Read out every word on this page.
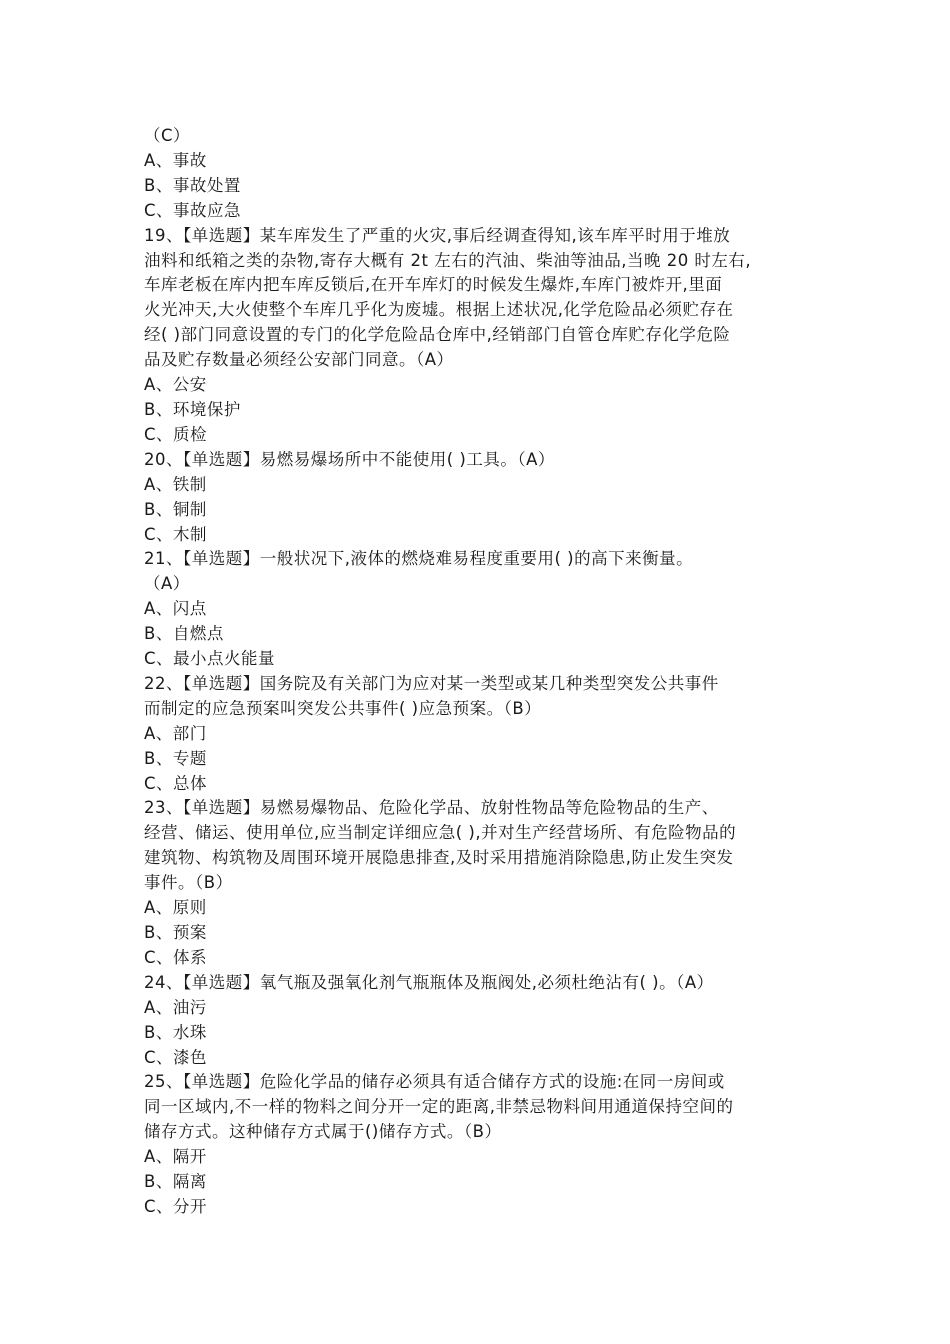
（C）
A、事故
B、事故处置
C、事故应急
19、【单选题】某车库发生了严重的火灾,事后经调查得知,该车库平时用于堆放
油料和纸箱之类的杂物,寄存大概有 2t 左右的汽油、柴油等油品,当晚 20 时左右,
车库老板在库内把车库反锁后,在开车库灯的时候发生爆炸,车库门被炸开,里面
火光冲天,大火使整个车库几乎化为废墟。根据上述状况,化学危险品必须贮存在
经( )部门同意设置的专门的化学危险品仓库中,经销部门自管仓库贮存化学危险
品及贮存数量必须经公安部门同意。（A）
A、公安
B、环境保护
C、质检
20、【单选题】易燃易爆场所中不能使用( )工具。（A）
A、铁制
B、铜制
C、木制
21、【单选题】一般状况下,液体的燃烧难易程度重要用( )的高下来衡量。
（A）
A、闪点
B、自燃点
C、最小点火能量
22、【单选题】国务院及有关部门为应对某一类型或某几种类型突发公共事件
而制定的应急预案叫突发公共事件( )应急预案。（B）
A、部门
B、专题
C、总体
23、【单选题】易燃易爆物品、危险化学品、放射性物品等危险物品的生产、
经营、储运、使用单位,应当制定详细应急( ),并对生产经营场所、有危险物品的
建筑物、构筑物及周围环境开展隐患排查,及时采用措施消除隐患,防止发生突发
事件。（B）
A、原则
B、预案
C、体系
24、【单选题】氧气瓶及强氧化剂气瓶瓶体及瓶阀处,必须杜绝沾有( )。（A）
A、油污
B、水珠
C、漆色
25、【单选题】危险化学品的储存必须具有适合储存方式的设施:在同一房间或
同一区域内,不一样的物料之间分开一定的距离,非禁忌物料间用通道保持空间的
储存方式。这种储存方式属于()储存方式。（B）
A、隔开
B、隔离
C、分开
